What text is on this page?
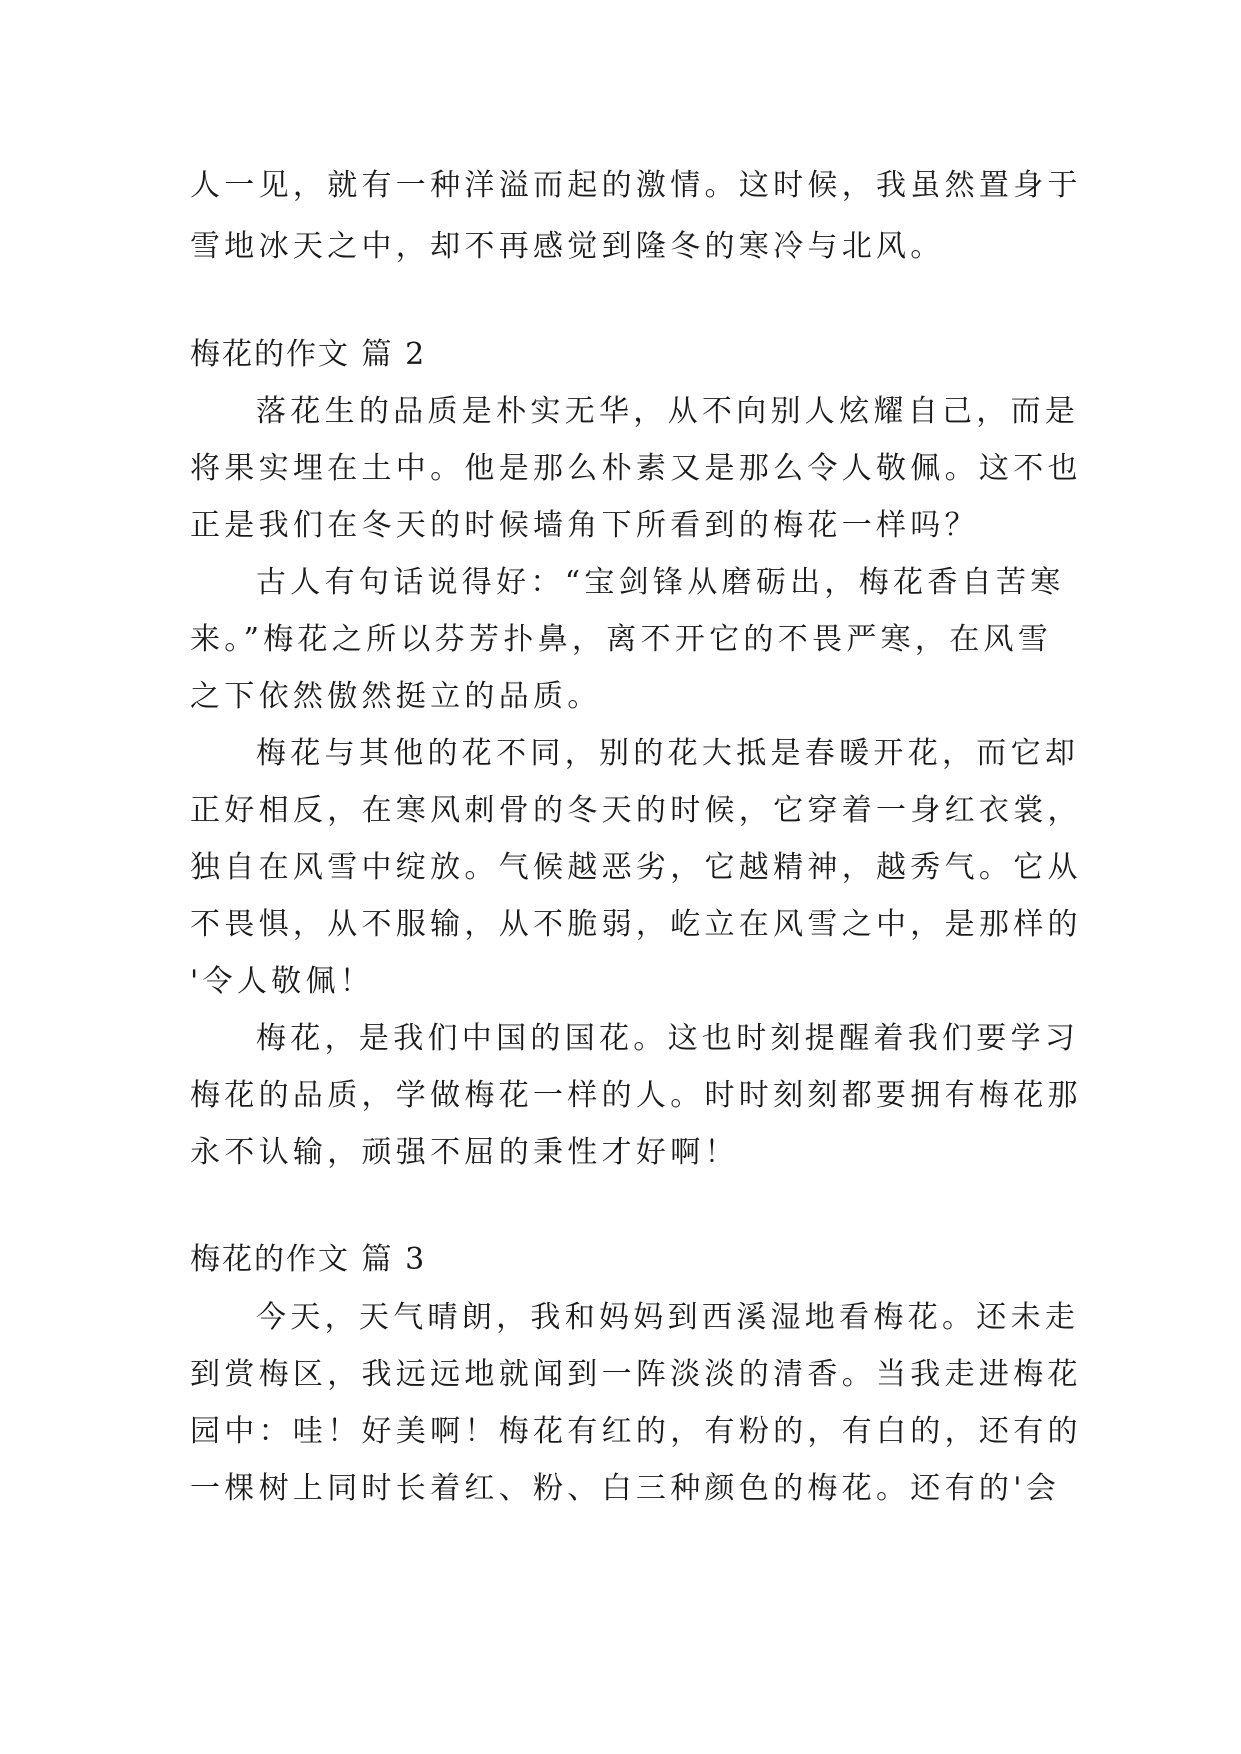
人一见，就有一种洋溢而起的激情。这时候，我虽然置身于
雪地冰天之中，却不再感觉到隆冬的寒冷与北风。
梅花的作文 篇 2
落花生的品质是朴实无华，从不向别人炫耀自己，而是
将果实埋在土中。他是那么朴素又是那么令人敬佩。这不也
正是我们在冬天的时候墙角下所看到的梅花一样吗？
古人有句话说得好：“宝剑锋从磨砺出，梅花香自苦寒
来。”梅花之所以芬芳扑鼻，离不开它的不畏严寒，在风雪
之下依然傲然挺立的品质。
梅花与其他的花不同，别的花大抵是春暖开花，而它却
正好相反，在寒风刺骨的冬天的时候，它穿着一身红衣裳，
独自在风雪中绽放。气候越恶劣，它越精神，越秀气。它从
不畏惧，从不服输，从不脆弱，屹立在风雪之中，是那样的
'令人敬佩！
梅花，是我们中国的国花。这也时刻提醒着我们要学习
梅花的品质，学做梅花一样的人。时时刻刻都要拥有梅花那
永不认输，顽强不屈的秉性才好啊！
梅花的作文 篇 3
今天，天气晴朗，我和妈妈到西溪湿地看梅花。还未走
到赏梅区，我远远地就闻到一阵淡淡的清香。当我走进梅花
园中：哇！好美啊！梅花有红的，有粉的，有白的，还有的
一棵树上同时长着红、粉、白三种颜色的梅花。还有的'会
